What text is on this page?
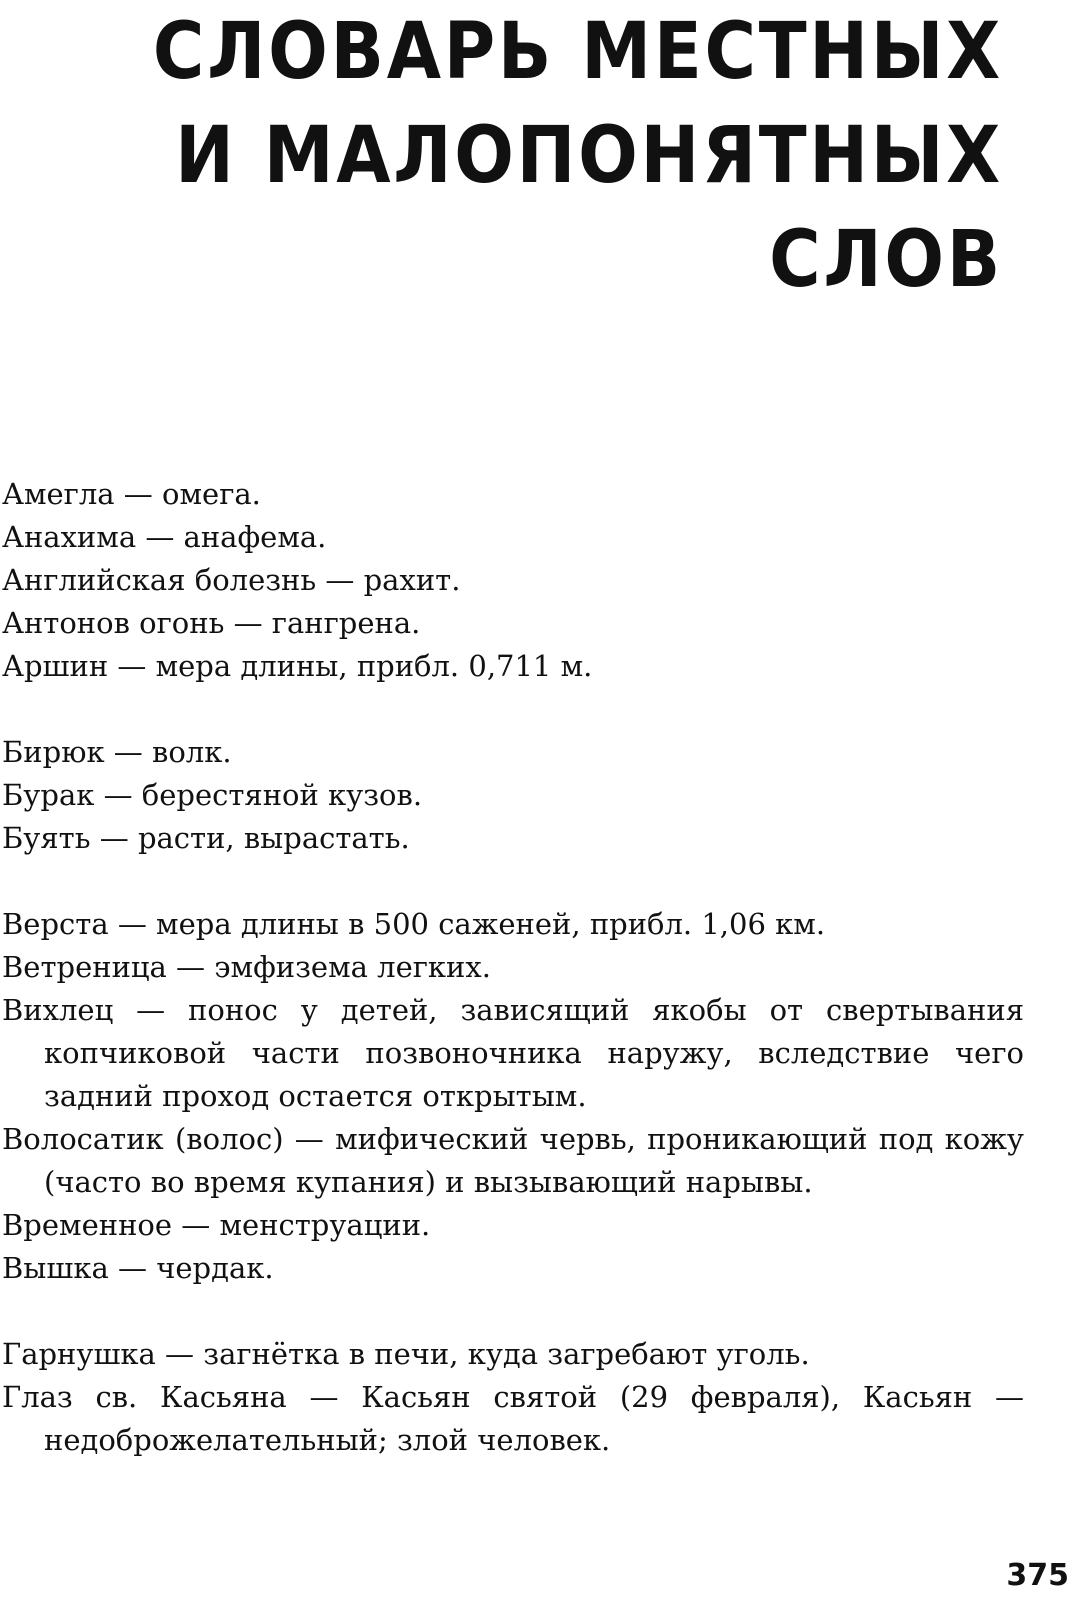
СЛОВАРЬ МЕСТНЫХ
И МАЛОПОНЯТНЫХ СЛОВ

Амегла — омега.

Анахима — анафема.

Английская болезнь — рахит.

Антонов огонь — гангрена.

Аршин — мера длины, прибл. 0,711 м.

Бирюк — волк.

Бурак — берестяной кузов.

Буять — расти, вырастать.

Верста — мера длины в 500 саженей, прибл. 1,06 км.

Ветреница — эмфизема легких.

Вихлец — понос у детей, зависящий якобы от свертывания копчиковой части позвоночника наружу, вследствие чего задний проход остается открытым.

Волосатик (волос) — мифический червь, проникающий под кожу (часто во время купания) и вызывающий нарывы.

Временное — менструации.

Вышка — чердак.

Гарнушка — загнётка в печи, куда загребают уголь.

Глаз св. Касьяна — Касьян святой (29 февраля), Касьян — недоброжелательный; злой человек.

375
